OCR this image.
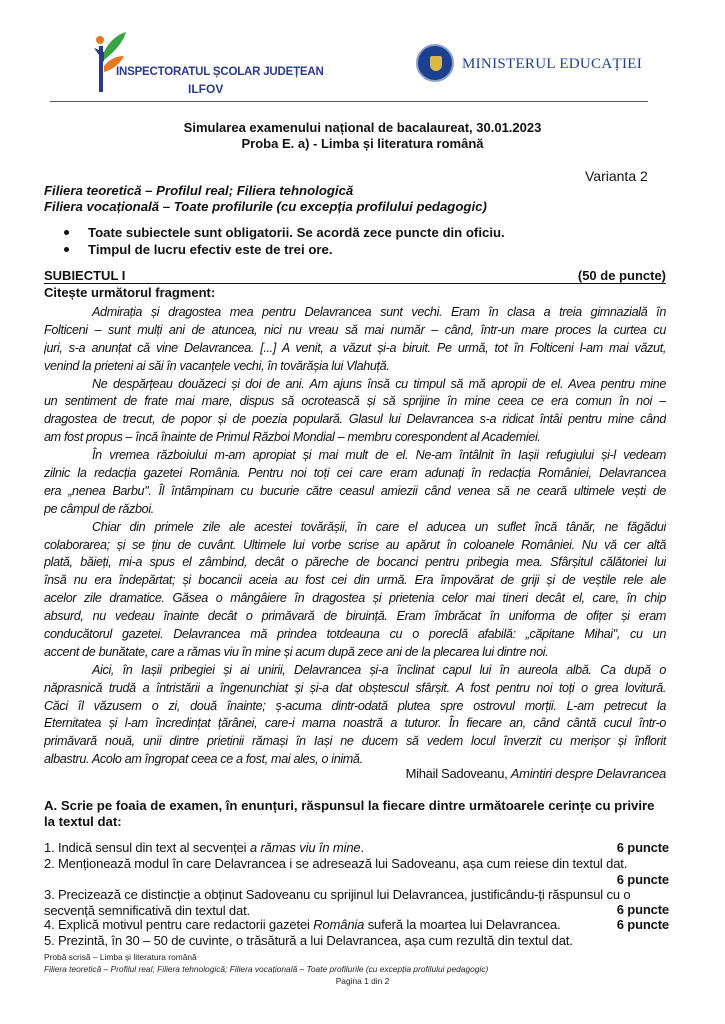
INSPECTORATUL ȘCOLAR JUDEȚEAN
ILFOV
MINISTERUL EDUCAȚIEI
Simularea examenului național de bacalaureat, 30.01.2023
Proba E. a) - Limba și literatura română
Varianta 2
Filiera teoretică – Profilul real; Filiera tehnologică
Filiera vocațională – Toate profilurile (cu excepția profilului pedagogic)
Toate subiectele sunt obligatorii. Se acordă zece puncte din oficiu.
Timpul de lucru efectiv este de trei ore.
SUBIECTUL I	(50 de puncte)
Citește următorul fragment:
Admirația și dragostea mea pentru Delavrancea sunt vechi. Eram în clasa a treia gimnazială în
Folticeni – sunt mulți ani de atuncea, nici nu vreau să mai număr – când, într-un mare proces la curtea cu
juri, s-a anunțat că vine Delavrancea. [...] A venit, a văzut și-a biruit. Pe urmă, tot în Folticeni l-am mai văzut,
venind la prieteni ai săi în vacanțele vechi, în tovărășia lui Vlahuță.
Ne despărțeau douăzeci și doi de ani. Am ajuns însă cu timpul să mă apropii de el. Avea pentru mine
un sentiment de frate mai mare, dispus să ocrotească și să sprijine în mine ceea ce era comun în noi –
dragostea de trecut, de popor și de poezia populară. Glasul lui Delavrancea s-a ridicat întâi pentru mine când
am fost propus – încă înainte de Primul Război Mondial – membru corespondent al Academiei.
În vremea războiului m-am apropiat și mai mult de el. Ne-am întâlnit în Iașii refugiului și-l vedeam
zilnic la redacția gazetei România. Pentru noi toți cei care eram adunați în redacția României, Delavrancea
era „nenea Barbu". Îl întâmpinam cu bucurie către ceasul amiezii când venea să ne ceară ultimele vești de
pe câmpul de război.
Chiar din primele zile ale acestei tovărășii, în care el aducea un suflet încă tânăr, ne făgădui
colaborarea; și se ținu de cuvânt. Ultimele lui vorbe scrise au apărut în coloanele României. Nu vă cer altă
plată, băieți, mi-a spus el zâmbind, decât o păreche de bocanci pentru pribegia mea. Sfârșitul călătoriei lui
însă nu era îndepărtat; și bocancii aceia au fost cei din urmă. Era împovărat de griji și de veștile rele ale
acelor zile dramatice. Găsea o mângâiere în dragostea și prietenia celor mai tineri decât el, care, în chip
absurd, nu vedeau înainte decât o primăvară de biruință. Eram îmbrăcat în uniforma de ofițer și eram
conducătorul gazetei. Delavrancea mă prindea totdeauna cu o poreclă afabilă: „căpitane Mihai", cu un
accent de bunătate, care a rămas viu în mine și acum după zece ani de la plecarea lui dintre noi.
Aici, în Iașii pribegiei și ai unirii, Delavrancea și-a înclinat capul lui în aureola albă. Ca după o
năprasnică trudă a întristării a îngenunchiat și și-a dat obștescul sfârșit. A fost pentru noi toți o grea lovitură.
Căci îl văzusem o zi, două înainte; ș-acuma dintr-odată plutea spre ostrovul morții. L-am petrecut la
Eternitatea și l-am încredințat țărânei, care-i mama noastră a tuturor. În fiecare an, când cântă cucul într-o
primăvară nouă, unii dintre prietinii rămași în Iași ne ducem să vedem locul înverzit cu merișor și înflorit
albastru. Acolo am îngropat ceea ce a fost, mai ales, o inimă.
Mihail Sadoveanu, Amintiri despre Delavrancea
A. Scrie pe foaia de examen, în enunțuri, răspunsul la fiecare dintre următoarele cerințe cu privire la textul dat:
1. Indică sensul din text al secvenței a rămas viu în mine.	6 puncte
2. Menționează modul în care Delavrancea i se adresează lui Sadoveanu, așa cum reiese din textul dat.
6 puncte
3. Precizează ce distincție a obținut Sadoveanu cu sprijinul lui Delavrancea, justificându-ți răspunsul cu o secvență semnificativă din textul dat.	6 puncte
4. Explică motivul pentru care redactorii gazetei România suferă la moartea lui Delavrancea.	6 puncte
5. Prezintă, în 30 – 50 de cuvinte, o trăsătură a lui Delavrancea, așa cum rezultă din textul dat.
Probă scrisă – Limba și literatura română
Filiera teoretică – Profilul real; Filiera tehnologică; Filiera vocațională – Toate profilurile (cu excepția profilului pedagogic)
Pagina 1 din 2
